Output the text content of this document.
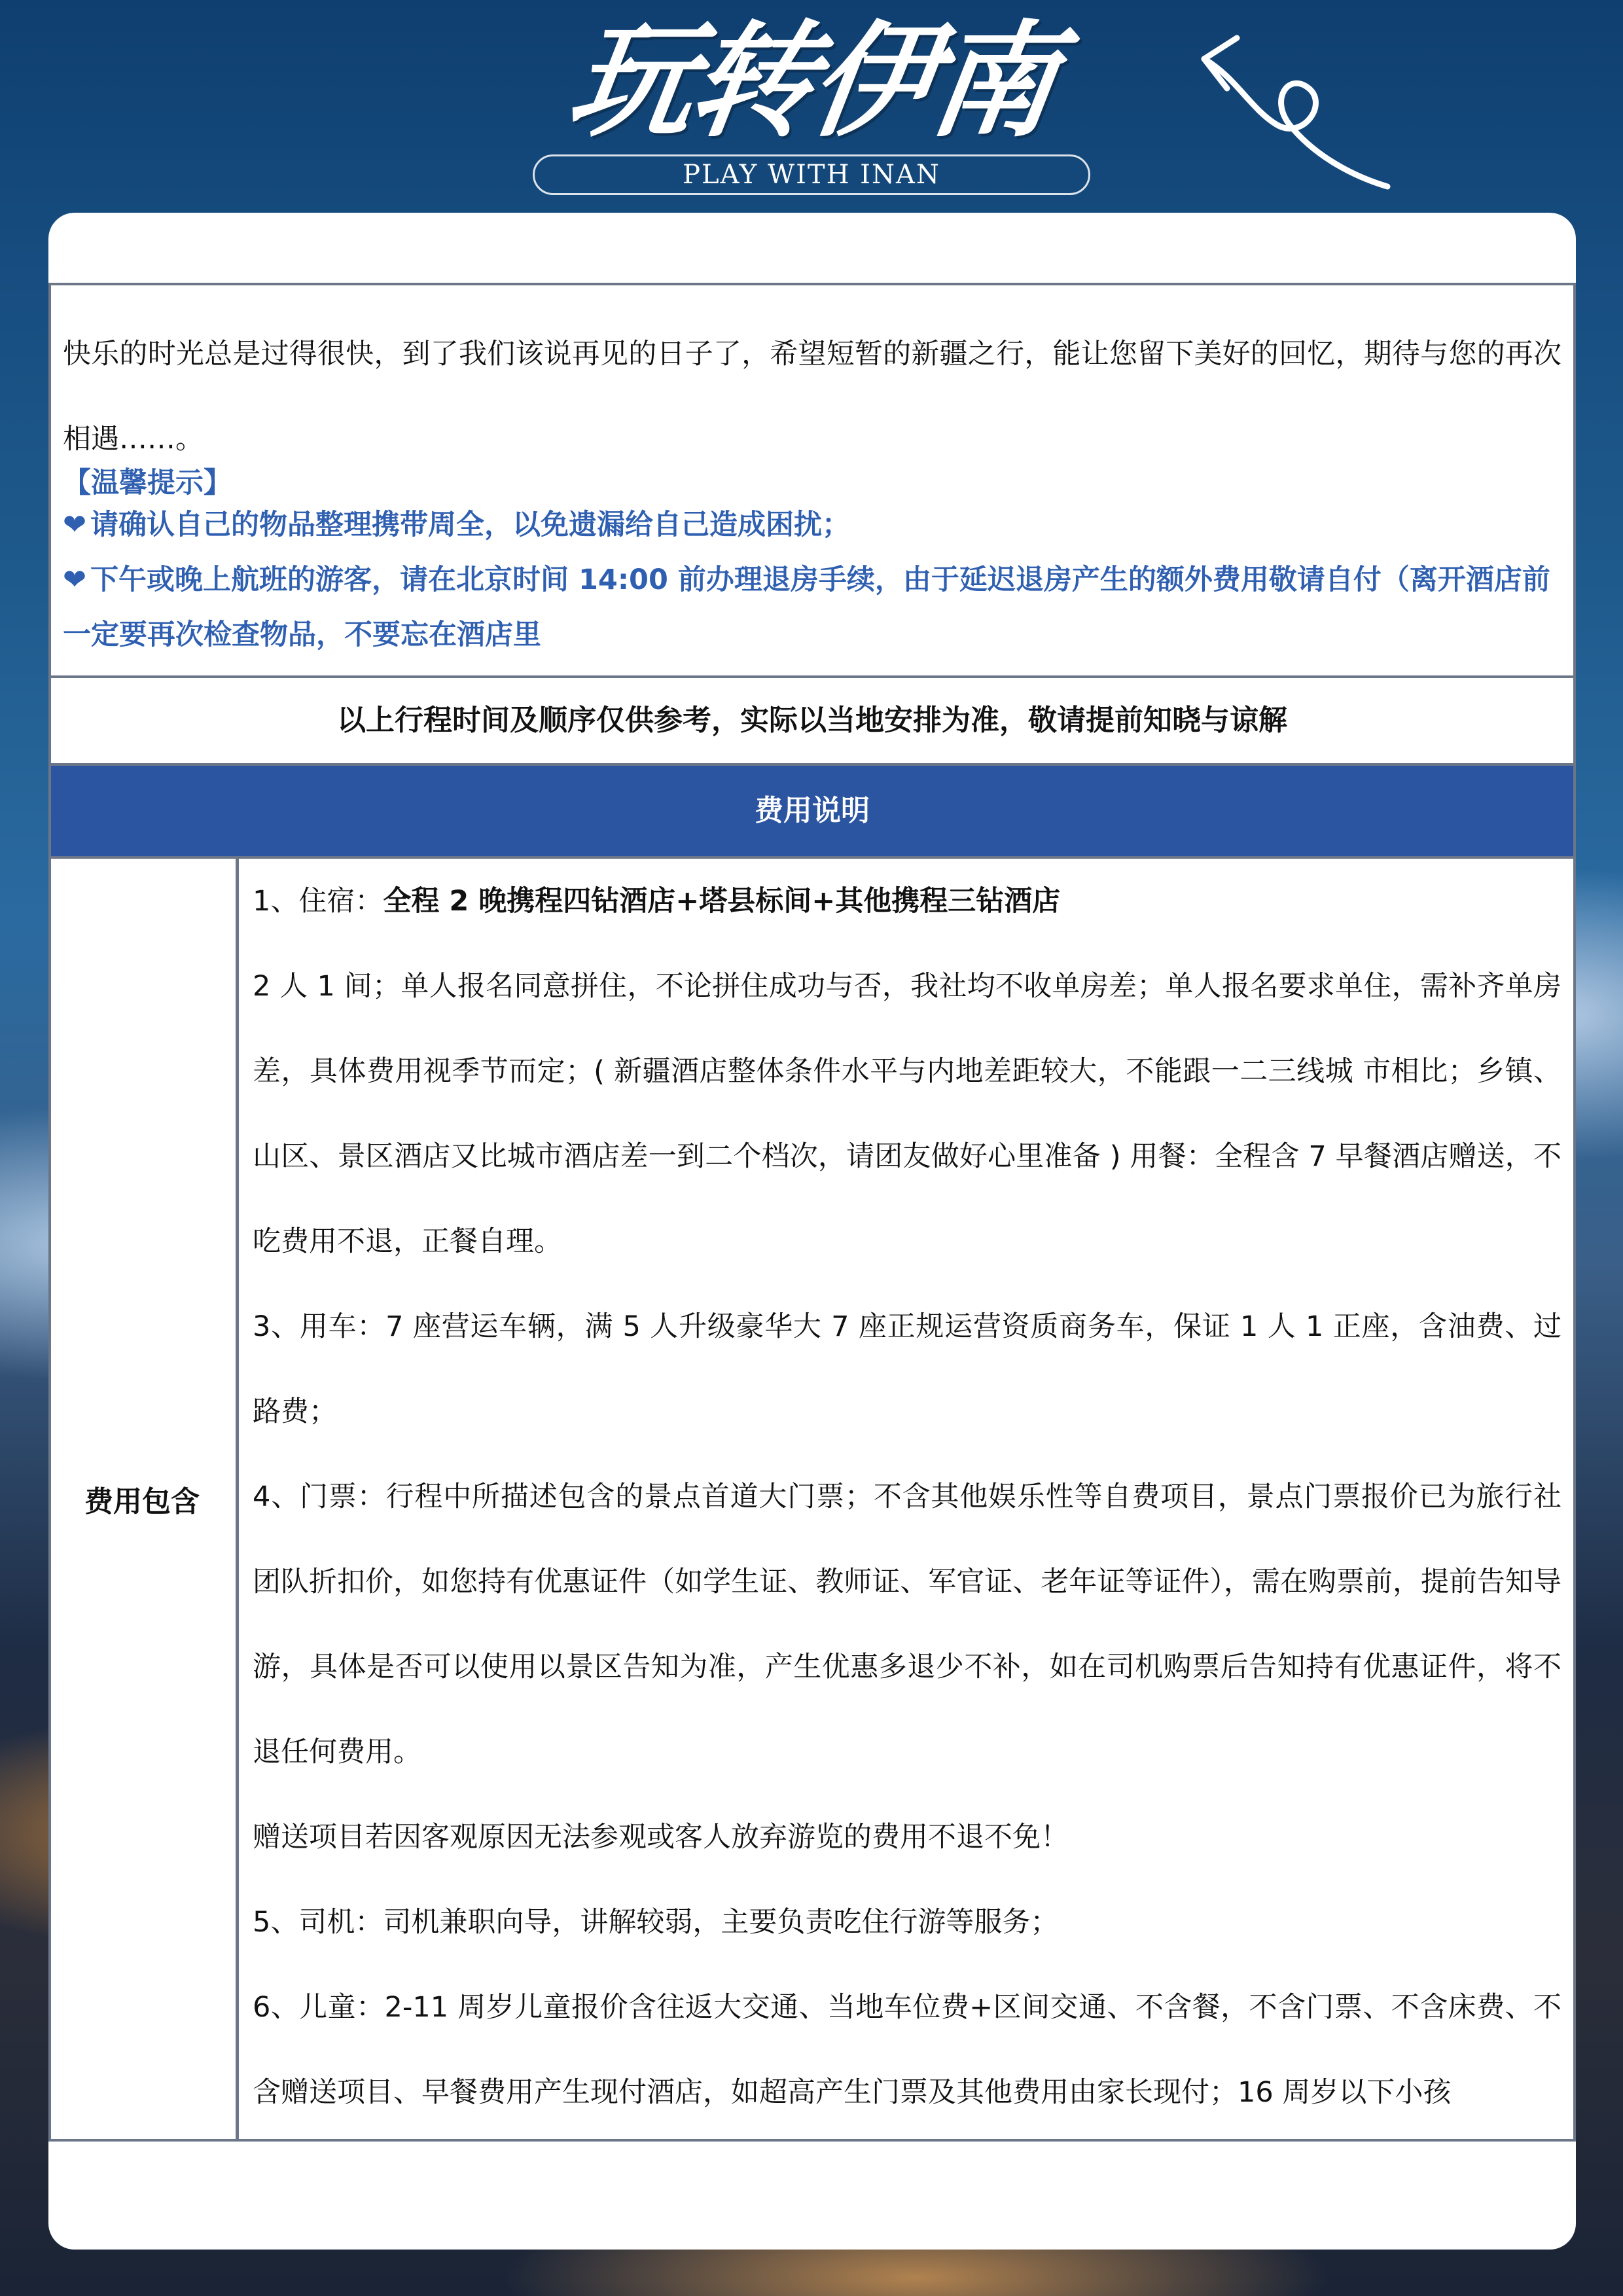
玩转伊南
PLAY WITH INAN
快乐的时光总是过得很快，到了我们该说再见的日子了，希望短暂的新疆之行，能让您留下美好的回忆，期待与您的再次相遇……。
【温馨提示】
❤ 请确认自己的物品整理携带周全，以免遗漏给自己造成困扰；
❤ 下午或晚上航班的游客，请在北京时间 14:00 前办理退房手续，由于延迟退房产生的额外费用敬请自付（离开酒店前一定要再次检查物品，不要忘在酒店里
以上行程时间及顺序仅供参考，实际以当地安排为准，敬请提前知晓与谅解
费用说明
费用包含

1、住宿：全程 2 晚携程四钻酒店+塔县标间+其他携程三钻酒店

2 人 1 间；单人报名同意拼住，不论拼住成功与否，我社均不收单房差；单人报名要求单住，需补齐单房差，具体费用视季节而定；( 新疆酒店整体条件水平与内地差距较大，不能跟一二三线城 市相比；乡镇、山区、景区酒店又比城市酒店差一到二个档次，请团友做好心里准备 ) 用餐：全程含 7 早餐酒店赠送，不吃费用不退，正餐自理。

3、用车：7 座营运车辆，满 5 人升级豪华大 7 座正规运营资质商务车，保证 1 人 1 正座，含油费、过路费；

4、门票：行程中所描述包含的景点首道大门票；不含其他娱乐性等自费项目，景点门票报价已为旅行社团队折扣价，如您持有优惠证件（如学生证、教师证、军官证、老年证等证件），需在购票前，提前告知导游，具体是否可以使用以景区告知为准，产生优惠多退少不补，如在司机购票后告知持有优惠证件，将不退任何费用。

赠送项目若因客观原因无法参观或客人放弃游览的费用不退不免！

5、司机：司机兼职向导，讲解较弱，主要负责吃住行游等服务；

6、儿童：2-11 周岁儿童报价含往返大交通、当地车位费+区间交通、不含餐，不含门票、不含床费、不含赠送项目、早餐费用产生现付酒店，如超高产生门票及其他费用由家长现付；16 周岁以下小孩
